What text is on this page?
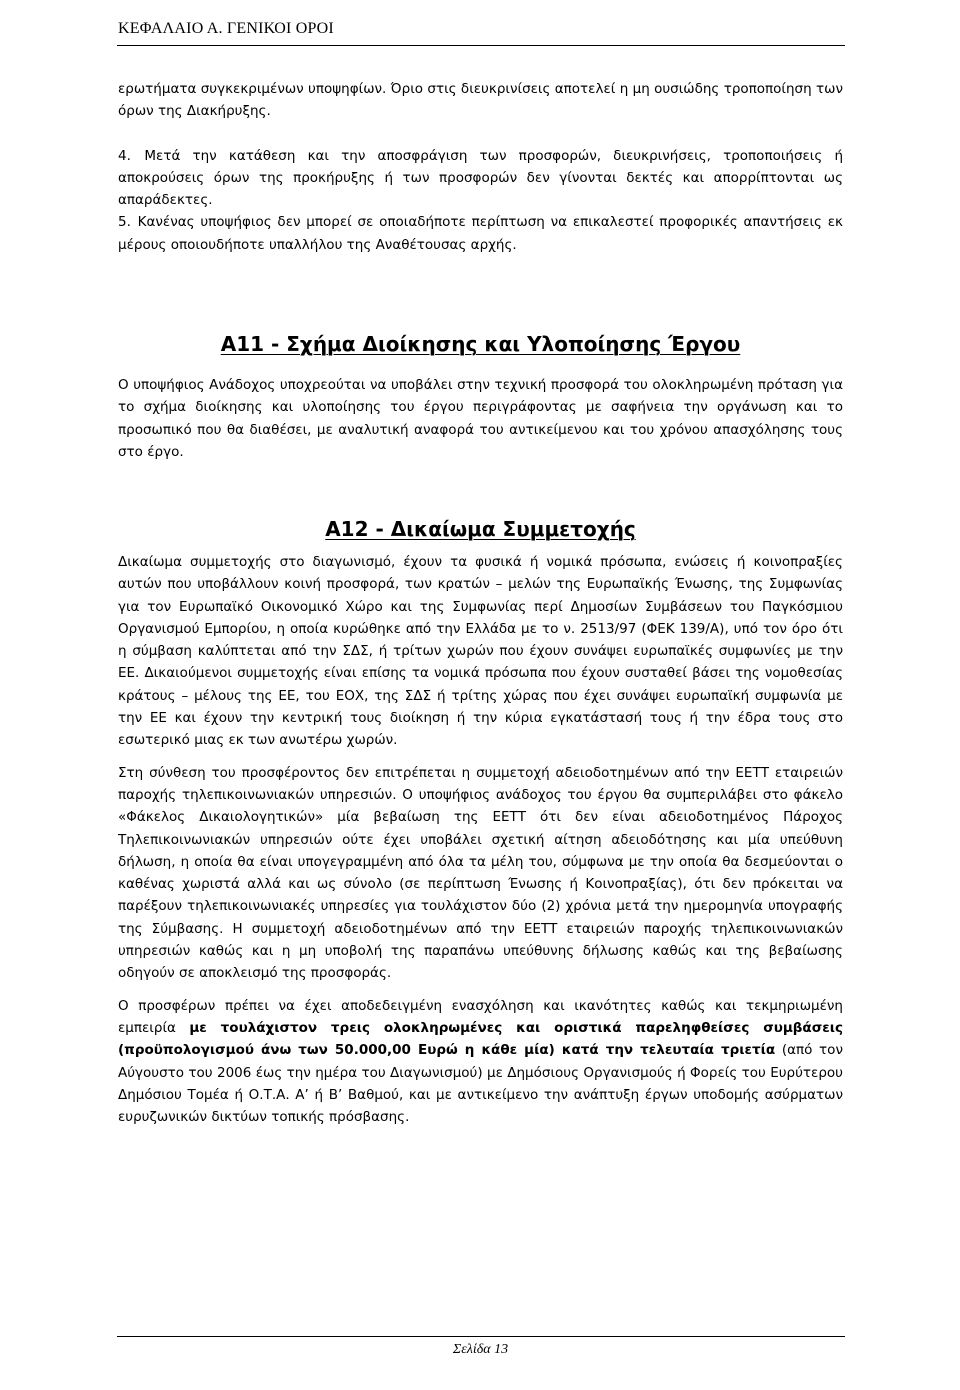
ΚΕΦΑΛΑΙΟ Α. ΓΕΝΙΚΟΙ ΟΡΟΙ

ερωτήματα συγκεκριμένων υποψηφίων. Όριο στις διευκρινίσεις αποτελεί η μη ουσιώδης τροποποίηση των όρων της Διακήρυξης.

4. Μετά την κατάθεση και την αποσφράγιση των προσφορών, διευκρινήσεις, τροποποιήσεις ή αποκρούσεις όρων της προκήρυξης ή των προσφορών δεν γίνονται δεκτές και απορρίπτονται ως απαράδεκτες.

5. Κανένας υποψήφιος δεν μπορεί σε οποιαδήποτε περίπτωση να επικαλεστεί προφορικές απαντήσεις εκ μέρους οποιουδήποτε υπαλλήλου της Αναθέτουσας αρχής.

Α11 - Σχήμα Διοίκησης και Υλοποίησης Έργου

Ο υποψήφιος Ανάδοχος υποχρεούται να υποβάλει στην τεχνική προσφορά του ολοκληρωμένη πρόταση για το σχήμα διοίκησης και υλοποίησης του έργου περιγράφοντας με σαφήνεια την οργάνωση και το προσωπικό που θα διαθέσει, με αναλυτική αναφορά του αντικείμενου και του χρόνου απασχόλησης τους στο έργο.

Α12 - Δικαίωμα Συμμετοχής

Δικαίωμα συμμετοχής στο διαγωνισμό, έχουν τα φυσικά ή νομικά πρόσωπα, ενώσεις ή κοινοπραξίες αυτών που υποβάλλουν κοινή προσφορά, των κρατών – μελών της Ευρωπαϊκής Ένωσης, της Συμφωνίας για τον Ευρωπαϊκό Οικονομικό Χώρο και της Συμφωνίας περί Δημοσίων Συμβάσεων του Παγκόσμιου Οργανισμού Εμπορίου, η οποία κυρώθηκε από την Ελλάδα με το ν. 2513/97 (ΦΕΚ 139/Α), υπό τον όρο ότι η σύμβαση καλύπτεται από την ΣΔΣ, ή τρίτων χωρών που έχουν συνάψει ευρωπαϊκές συμφωνίες με την ΕΕ. Δικαιούμενοι συμμετοχής είναι επίσης τα νομικά πρόσωπα που έχουν συσταθεί βάσει της νομοθεσίας κράτους – μέλους της ΕΕ, του ΕΟΧ, της ΣΔΣ ή τρίτης χώρας που έχει συνάψει ευρωπαϊκή συμφωνία με την ΕΕ και έχουν την κεντρική τους διοίκηση ή την κύρια εγκατάστασή τους ή την έδρα τους στο εσωτερικό μιας εκ των ανωτέρω χωρών.

Στη σύνθεση του προσφέροντος δεν επιτρέπεται η συμμετοχή αδειοδοτημένων από την ΕΕΤΤ εταιρειών παροχής τηλεπικοινωνιακών υπηρεσιών. Ο υποψήφιος ανάδοχος του έργου θα συμπεριλάβει στο φάκελο «Φάκελος Δικαιολογητικών» μία βεβαίωση της ΕΕΤΤ ότι δεν είναι αδειοδοτημένος Πάροχος Τηλεπικοινωνιακών υπηρεσιών ούτε έχει υποβάλει σχετική αίτηση αδειοδότησης και μία υπεύθυνη δήλωση, η οποία θα είναι υπογεγραμμένη από όλα τα μέλη του, σύμφωνα με την οποία θα δεσμεύονται ο καθένας χωριστά αλλά και ως σύνολο (σε περίπτωση Ένωσης ή Κοινοπραξίας), ότι δεν πρόκειται να παρέξουν τηλεπικοινωνιακές υπηρεσίες για τουλάχιστον δύο (2) χρόνια μετά την ημερομηνία υπογραφής της Σύμβασης. Η συμμετοχή αδειοδοτημένων από την ΕΕΤΤ εταιρειών παροχής τηλεπικοινωνιακών υπηρεσιών καθώς και η μη υποβολή της παραπάνω υπεύθυνης δήλωσης καθώς και της βεβαίωσης οδηγούν σε αποκλεισμό της προσφοράς.

Ο προσφέρων πρέπει να έχει αποδεδειγμένη ενασχόληση και ικανότητες καθώς και τεκμηριωμένη εμπειρία με τουλάχιστον τρεις ολοκληρωμένες και οριστικά παρεληφθείσες συμβάσεις (προϋπολογισμού άνω των 50.000,00 Ευρώ η κάθε μία) κατά την τελευταία τριετία (από τον Αύγουστο του 2006 έως την ημέρα του Διαγωνισμού) με Δημόσιους Οργανισμούς ή Φορείς του Ευρύτερου Δημόσιου Τομέα ή Ο.Τ.Α. Α’ ή Β’ Βαθμού, και με αντικείμενο την ανάπτυξη έργων υποδομής ασύρματων ευρυζωνικών δικτύων τοπικής πρόσβασης.

Σελίδα 13
